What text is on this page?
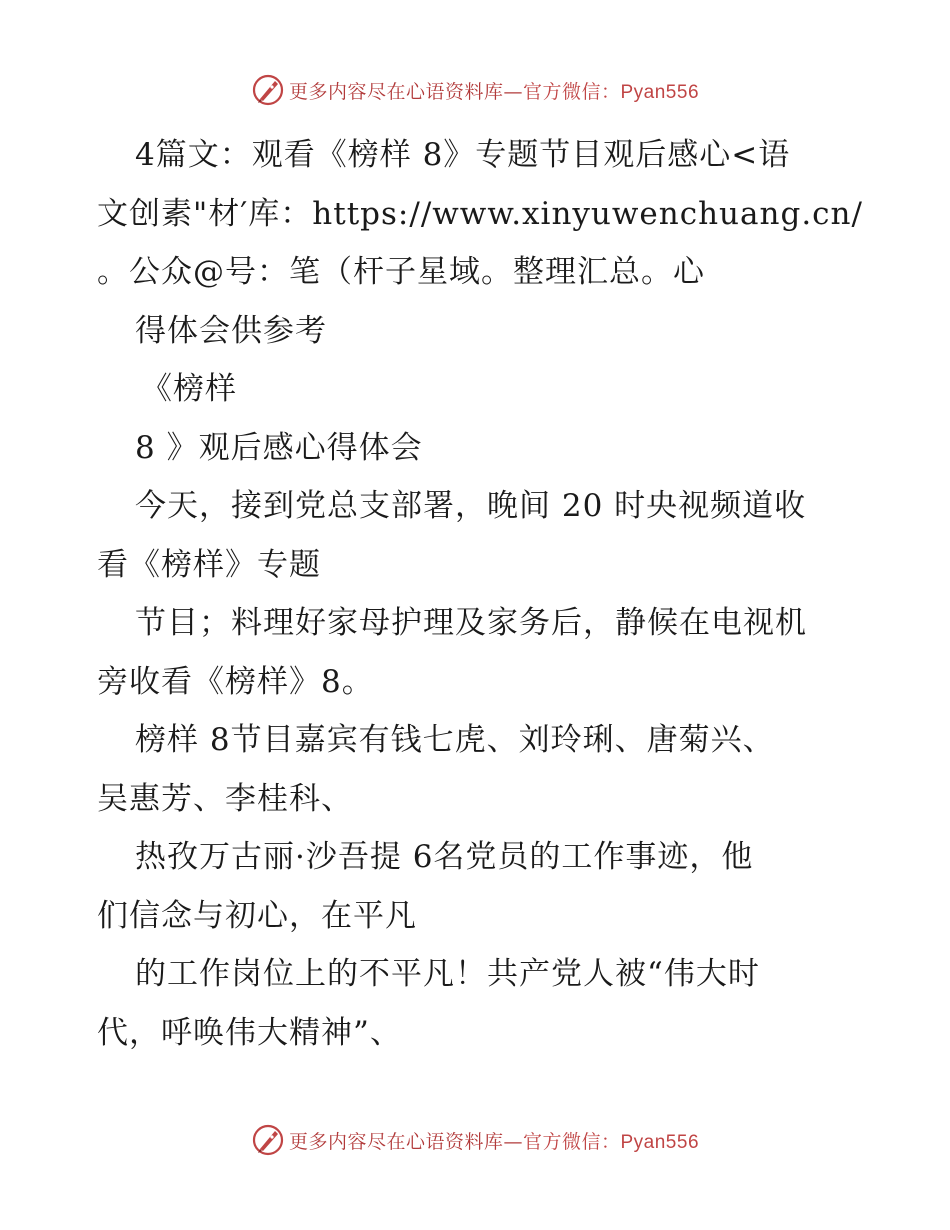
更多内容尽在心语资料库—官方微信：Pyan556
4篇文：观看《榜样 8》专题节目观后感心<语
文创素"材′库：https://www.xinyuwenchuang.cn/
。公众@号：笔（杆子星域。整理汇总。心
得体会供参考
《榜样
8 》观后感心得体会
今天，接到党总支部署，晚间 20 时央视频道收
看《榜样》专题
节目；料理好家母护理及家务后，静候在电视机
旁收看《榜样》8。
榜样 8节目嘉宾有钱七虎、刘玲琍、唐菊兴、
吴惠芳、李桂科、
热孜万古丽·沙吾提 6名党员的工作事迹，他
们信念与初心，在平凡
的工作岗位上的不平凡！共产党人被“伟大时
代，呼唤伟大精神”、
更多内容尽在心语资料库—官方微信：Pyan556
